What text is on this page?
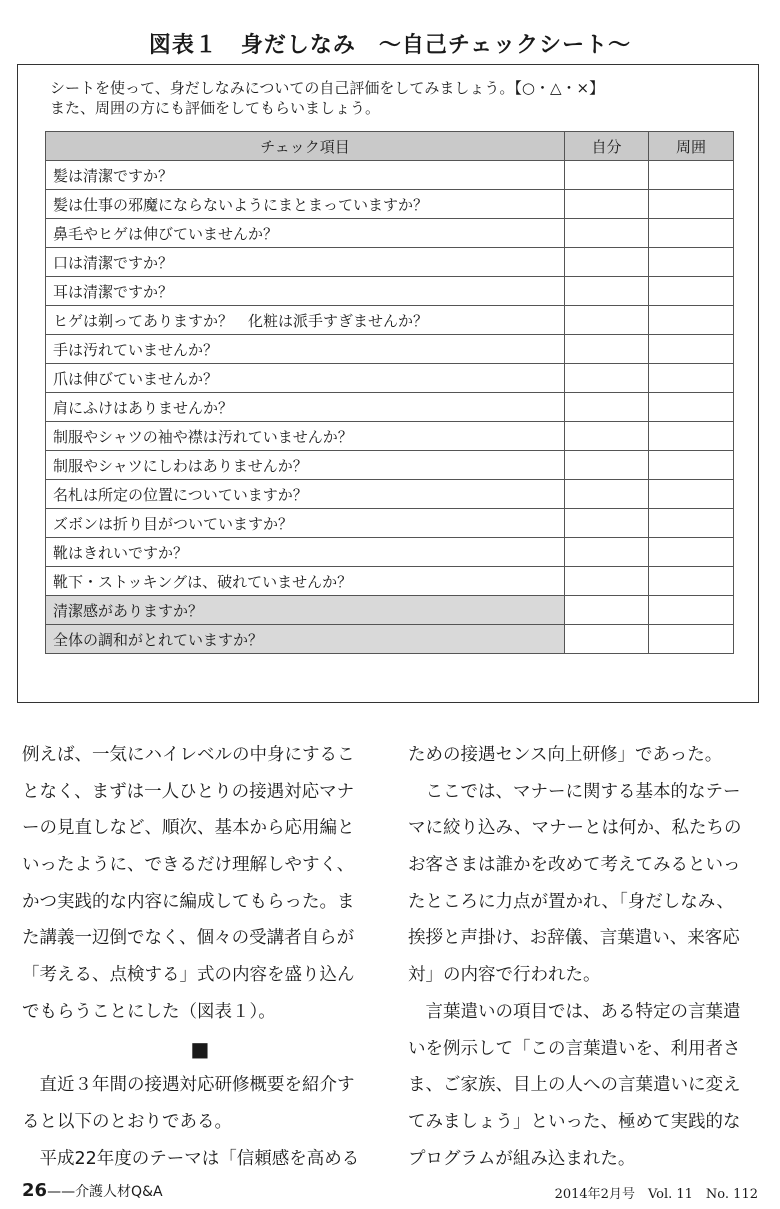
図表１　身だしなみ　～自己チェックシート～
シートを使って、身だしなみについての自己評価をしてみましょう。【○・△・×】
また、周囲の方にも評価をしてもらいましょう。
チェック項目	自分	周囲
髪は清潔ですか？		
髪は仕事の邪魔にならないようにまとまっていますか？		
鼻毛やヒゲは伸びていませんか？		
口は清潔ですか？		
耳は清潔ですか？		
ヒゲは剃ってありますか？　化粧は派手すぎませんか？		
手は汚れていませんか？		
爪は伸びていませんか？		
肩にふけはありませんか？		
制服やシャツの袖や襟は汚れていませんか？		
制服やシャツにしわはありませんか？		
名札は所定の位置についていますか？		
ズボンは折り目がついていますか？		
靴はきれいですか？		
靴下・ストッキングは、破れていませんか？		
清潔感がありますか？		
全体の調和がとれていますか？		
例えば、一気にハイレベルの中身にするこ
となく、まずは一人ひとりの接遇対応マナ
ーの見直しなど、順次、基本から応用編と
いったように、できるだけ理解しやすく、
かつ実践的な内容に編成してもらった。ま
た講義一辺倒でなく、個々の受講者自らが
「考える、点検する」式の内容を盛り込ん
でもらうことにした（図表１）。
■
　直近３年間の接遇対応研修概要を紹介す
ると以下のとおりである。
　平成22年度のテーマは「信頼感を高める
ための接遇センス向上研修」であった。
　ここでは、マナーに関する基本的なテー
マに絞り込み、マナーとは何か、私たちの
お客さまは誰かを改めて考えてみるといっ
たところに力点が置かれ、「身だしなみ、
挨拶と声掛け、お辞儀、言葉遣い、来客応
対」の内容で行われた。
　言葉遣いの項目では、ある特定の言葉遣
いを例示して「この言葉遣いを、利用者さ
ま、ご家族、目上の人への言葉遣いに変え
てみましょう」といった、極めて実践的な
プログラムが組み込まれた。
26——介護人材Q&A	2014年2月号　Vol. 11　No. 112
